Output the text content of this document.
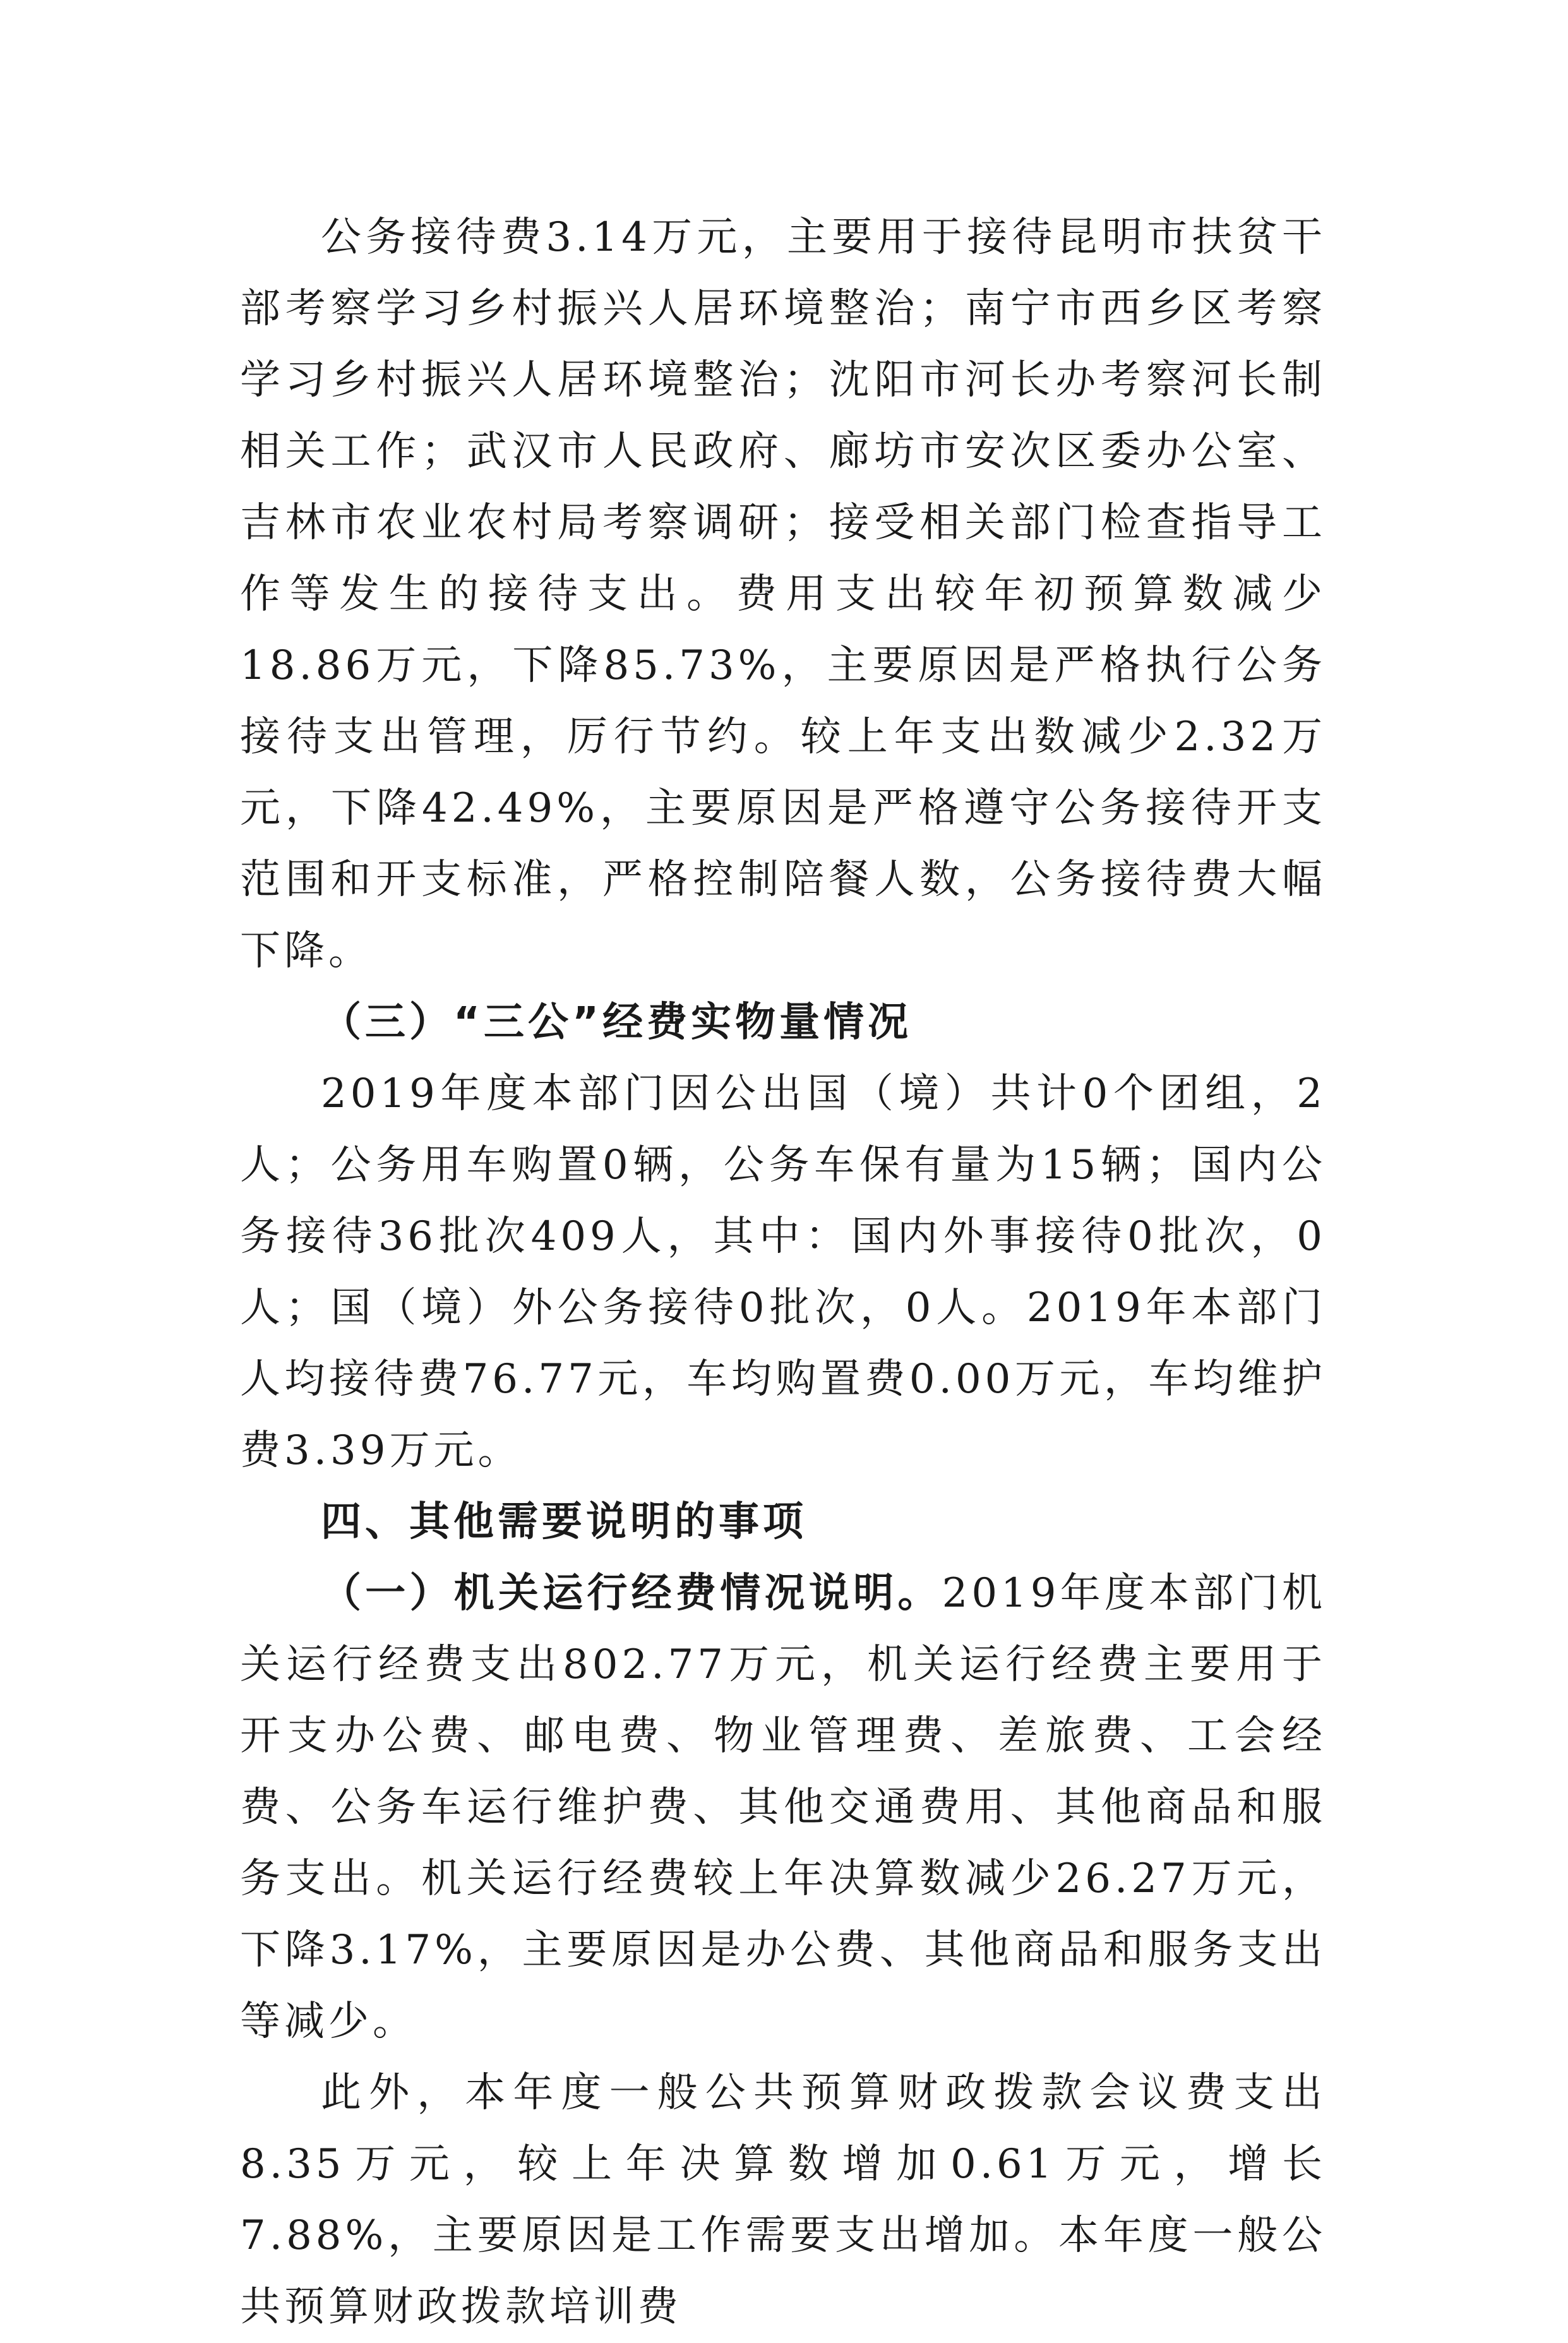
公务接待费3.14万元，主要用于接待昆明市扶贫干部考察学习乡村振兴人居环境整治；南宁市西乡区考察学习乡村振兴人居环境整治；沈阳市河长办考察河长制相关工作；武汉市人民政府、廊坊市安次区委办公室、吉林市农业农村局考察调研；接受相关部门检查指导工作等发生的接待支出。费用支出较年初预算数减少18.86万元，下降85.73%，主要原因是严格执行公务接待支出管理，厉行节约。较上年支出数减少2.32万元，下降42.49%，主要原因是严格遵守公务接待开支范围和开支标准，严格控制陪餐人数，公务接待费大幅下降。

（三）“三公”经费实物量情况

2019年度本部门因公出国（境）共计0个团组，2人；公务用车购置0辆，公务车保有量为15辆；国内公务接待36批次409人，其中：国内外事接待0批次，0人；国（境）外公务接待0批次，0人。2019年本部门人均接待费76.77元，车均购置费0.00万元，车均维护费3.39万元。

四、其他需要说明的事项

（一）机关运行经费情况说明。2019年度本部门机关运行经费支出802.77万元，机关运行经费主要用于开支办公费、邮电费、物业管理费、差旅费、工会经费、公务车运行维护费、其他交通费用、其他商品和服务支出。机关运行经费较上年决算数减少26.27万元，下降3.17%，主要原因是办公费、其他商品和服务支出等减少。

此外，本年度一般公共预算财政拨款会议费支出8.35万元，较上年决算数增加0.61万元，增长7.88%，主要原因是工作需要支出增加。本年度一般公共预算财政拨款培训费
